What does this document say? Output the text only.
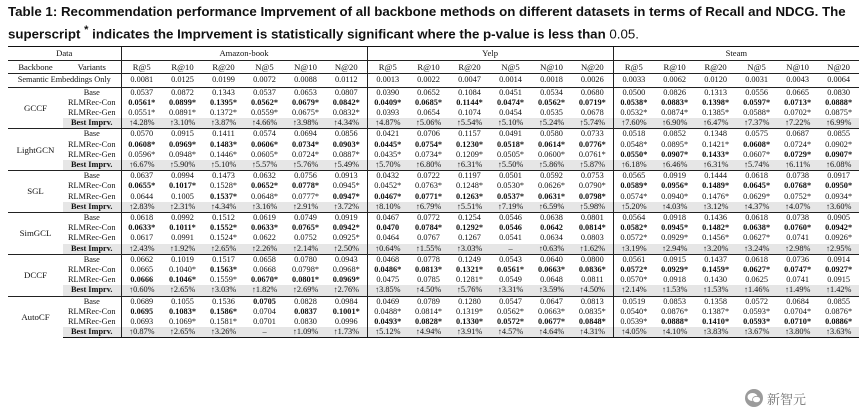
Table 1: Recommendation performance Imprvement of all backbone methods on different datasets in terms of Recall and NDCG. The superscript * indicates the Imprvement is statistically significant where the p-value is less than 0.05.
Data		Amazon-book						Yelp						Steam					
Backbone	Variants	R@5	R@10	R@20	N@5	N@10	N@20	R@5	R@10	R@20	N@5	N@10	N@20	R@5	R@10	R@20	N@5	N@10	N@20
Semantic Embeddings Only		0.0081	0.0125	0.0199	0.0072	0.0088	0.0112	0.0013	0.0022	0.0047	0.0014	0.0018	0.0026	0.0033	0.0062	0.0120	0.0031	0.0043	0.0064
GCCF	Base	0.0537	0.0872	0.1343	0.0537	0.0653	0.0807	0.0390	0.0652	0.1084	0.0451	0.0534	0.0680	0.0500	0.0826	0.1313	0.0556	0.0665	0.0830
	RLMRec-Con	0.0561*	0.0899*	0.1395*	0.0562*	0.0679*	0.0842*	0.0409*	0.0685*	0.1144*	0.0474*	0.0562*	0.0719*	0.0538*	0.0883*	0.1398*	0.0597*	0.0713*	0.0888*
	RLMRec-Gen	0.0551*	0.0891*	0.1372*	0.0559*	0.0675*	0.0832*	0.0393	0.0654	0.1074	0.0454	0.0535	0.0678	0.0532*	0.0874*	0.1385*	0.0588*	0.0702*	0.0875*
	Best Imprv.	↑4.28%	↑3.10%	↑3.87%	↑4.66%	↑3.98%	↑4.34%	↑4.87%	↑5.06%	↑5.54%	↑5.10%	↑5.24%	↑5.74%	↑7.60%	↑6.90%	↑6.47%	↑7.37%	↑7.22%	↑6.99%
LightGCN	Base	0.0570	0.0915	0.1411	0.0574	0.0694	0.0856	0.0421	0.0706	0.1157	0.0491	0.0580	0.0733	0.0518	0.0852	0.1348	0.0575	0.0687	0.0855
	RLMRec-Con	0.0608*	0.0969*	0.1483*	0.0606*	0.0734*	0.0903*	0.0445*	0.0754*	0.1230*	0.0518*	0.0614*	0.0776*	0.0548*	0.0895*	0.1421*	0.0608*	0.0724*	0.0902*
	RLMRec-Gen	0.0596*	0.0948*	0.1446*	0.0605*	0.0724*	0.0887*	0.0435*	0.0734*	0.1209*	0.0505*	0.0600*	0.0761*	0.0550*	0.0907*	0.1433*	0.0607*	0.0729*	0.0907*
	Best Imprv.	↑6.67%	↑5.90%	↑5.10%	↑5.57%	↑5.76%	↑5.49%	↑5.70%	↑6.80%	↑6.31%	↑5.50%	↑5.86%	↑5.87%	↑6.18%	↑6.46%	↑6.31%	↑5.74%	↑6.11%	↑6.08%
SGL	Base	0.0637	0.0994	0.1473	0.0632	0.0756	0.0913	0.0432	0.0722	0.1197	0.0501	0.0592	0.0753	0.0565	0.0919	0.1444	0.0618	0.0738	0.0917
	RLMRec-Con	0.0655*	0.1017*	0.1528*	0.0652*	0.0778*	0.0945*	0.0452*	0.0763*	0.1248*	0.0530*	0.0626*	0.0790*	0.0589*	0.0956*	0.1489*	0.0645*	0.0768*	0.0950*
	RLMRec-Gen	0.0644	0.1005	0.1537*	0.0648*	0.0777*	0.0947*	0.0467*	0.0771*	0.1263*	0.0537*	0.0631*	0.0798*	0.0574*	0.0940*	0.1476*	0.0629*	0.0752*	0.0934*
	Best Imprv.	↑2.83%	↑2.31%	↑4.34%	↑3.16%	↑2.91%	↑3.72%	↑8.10%	↑6.79%	↑5.51%	↑7.19%	↑6.59%	↑5.98%	↑5.20%	↑4.03%	↑3.12%	↑4.37%	↑4.07%	↑3.60%
SimGCL	Base	0.0618	0.0992	0.1512	0.0619	0.0749	0.0919	0.0467	0.0772	0.1254	0.0546	0.0638	0.0801	0.0564	0.0918	0.1436	0.0618	0.0738	0.0905
	RLMRec-Con	0.0633*	0.1011*	0.1552*	0.0633*	0.0765*	0.0942*	0.0470	0.0784*	0.1292*	0.0546	0.0642	0.0814*	0.0582*	0.0945*	0.1482*	0.0638*	0.0760*	0.0942*
	RLMRec-Gen	0.0617	0.0991	0.1524*	0.0622	0.0752	0.0925*	0.0464	0.0767	0.1267	0.0541	0.0634	0.0803	0.0572*	0.0929*	0.1456*	0.0627*	0.0741	0.0926*
	Best Imprv.	↑2.43%	↑1.92%	↑2.65%	↑2.26%	↑2.14%	↑2.50%	↑0.64%	↑1.55%	↑3.03%	–	↑0.63%	↑1.62%	↑3.19%	↑2.94%	↑3.20%	↑3.24%	↑2.98%	↑2.95%
DCCF	Base	0.0662	0.1019	0.1517	0.0658	0.0780	0.0943	0.0468	0.0778	0.1249	0.0543	0.0640	0.0800	0.0561	0.0915	0.1437	0.0618	0.0736	0.0914
	RLMRec-Con	0.0665	0.1040*	0.1563*	0.0668	0.0798*	0.0968*	0.0486*	0.0813*	0.1321*	0.0561*	0.0663*	0.0836*	0.0572*	0.0929*	0.1459*	0.0627*	0.0747*	0.0927*
	RLMRec-Gen	0.0666	0.1046*	0.1559*	0.0670*	0.0801*	0.0969*	0.0475	0.0785	0.1281*	0.0549	0.0648	0.0811	0.0570*	0.0918	0.1430	0.0625	0.0741	0.0915
	Best Imprv.	↑0.60%	↑2.65%	↑3.03%	↑1.82%	↑2.69%	↑2.76%	↑3.85%	↑4.50%	↑5.76%	↑3.31%	↑3.59%	↑4.50%	↑2.14%	↑1.53%	↑1.53%	↑1.46%	↑1.49%	↑1.42%
AutoCF	Base	0.0689	0.1055	0.1536	0.0705	0.0828	0.0984	0.0469	0.0789	0.1280	0.0547	0.0647	0.0813	0.0519	0.0853	0.1358	0.0572	0.0684	0.0855
	RLMRec-Con	0.0695	0.1083*	0.1586*	0.0704	0.0837	0.1001*	0.0488*	0.0814*	0.1319*	0.0562*	0.0663*	0.0835*	0.0540*	0.0876*	0.1387*	0.0593*	0.0704*	0.0876*
	RLMRec-Gen	0.0693	0.1069*	0.1581*	0.0701	0.0830	0.0996	0.0493*	0.0828*	0.1330*	0.0572*	0.0677*	0.0848*	0.0539*	0.0888*	0.1410*	0.0593*	0.0710*	0.0886*
	Best Imprv.	↑0.87%	↑2.65%	↑3.26%	–	↑1.09%	↑1.73%	↑5.12%	↑4.94%	↑3.91%	↑4.57%	↑4.64%	↑4.31%	↑4.05%	↑4.10%	↑3.83%	↑3.67%	↑3.80%	↑3.63%
新智元
